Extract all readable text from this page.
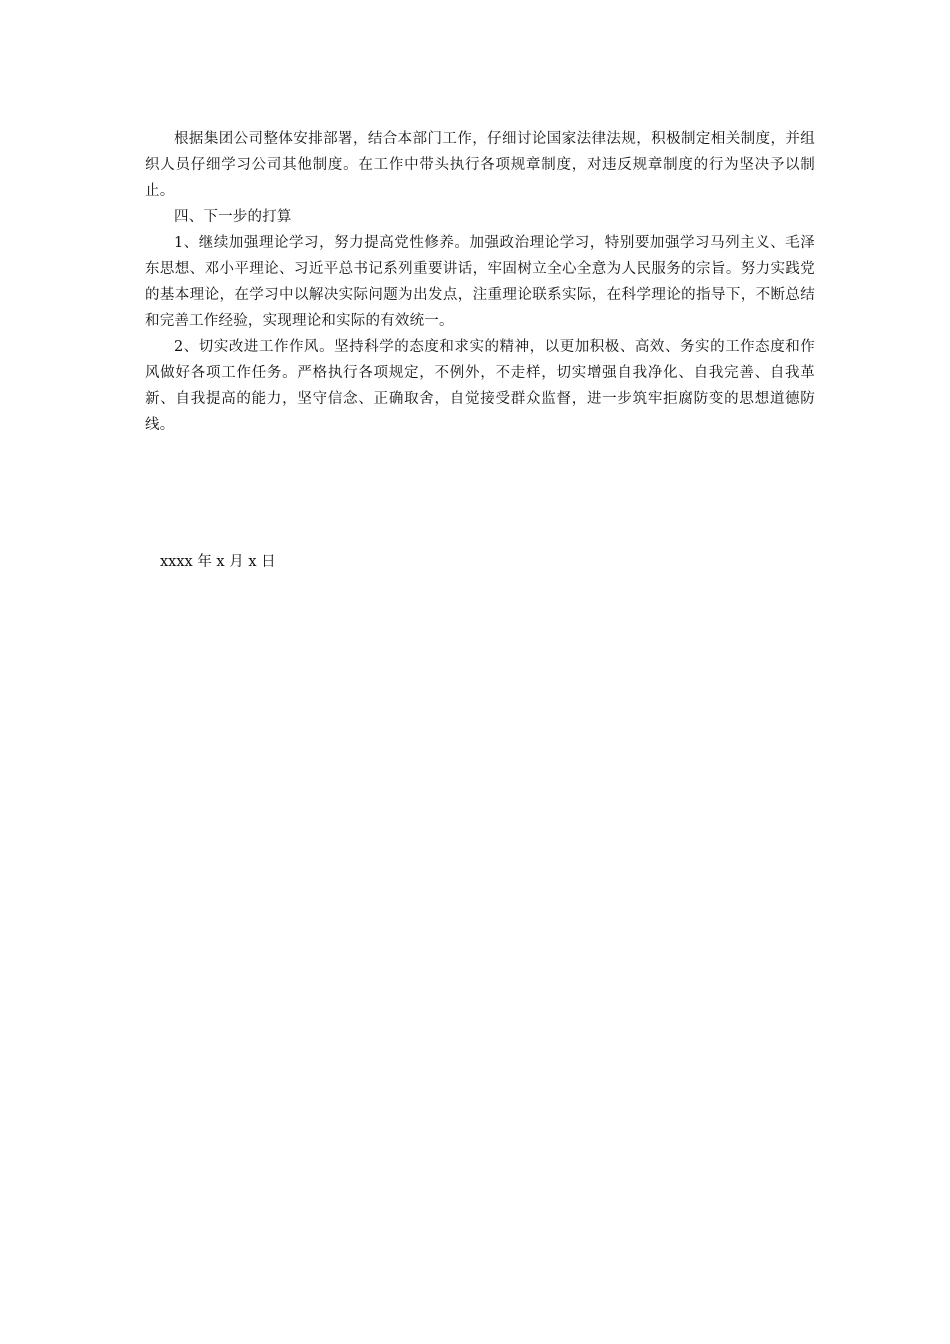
根据集团公司整体安排部署，结合本部门工作，仔细讨论国家法律法规，积极制定相关制度，并组织人员仔细学习公司其他制度。在工作中带头执行各项规章制度，对违反规章制度的行为坚决予以制止。

四、下一步的打算

1、继续加强理论学习，努力提高党性修养。加强政治理论学习，特别要加强学习马列主义、毛泽东思想、邓小平理论、习近平总书记系列重要讲话，牢固树立全心全意为人民服务的宗旨。努力实践党的基本理论，在学习中以解决实际问题为出发点，注重理论联系实际，在科学理论的指导下，不断总结和完善工作经验，实现理论和实际的有效统一。

2、切实改进工作作风。坚持科学的态度和求实的精神，以更加积极、高效、务实的工作态度和作风做好各项工作任务。严格执行各项规定，不例外，不走样，切实增强自我净化、自我完善、自我革新、自我提高的能力，坚守信念、正确取舍，自觉接受群众监督，进一步筑牢拒腐防变的思想道德防线。

xxxx 年 x 月 x 日
